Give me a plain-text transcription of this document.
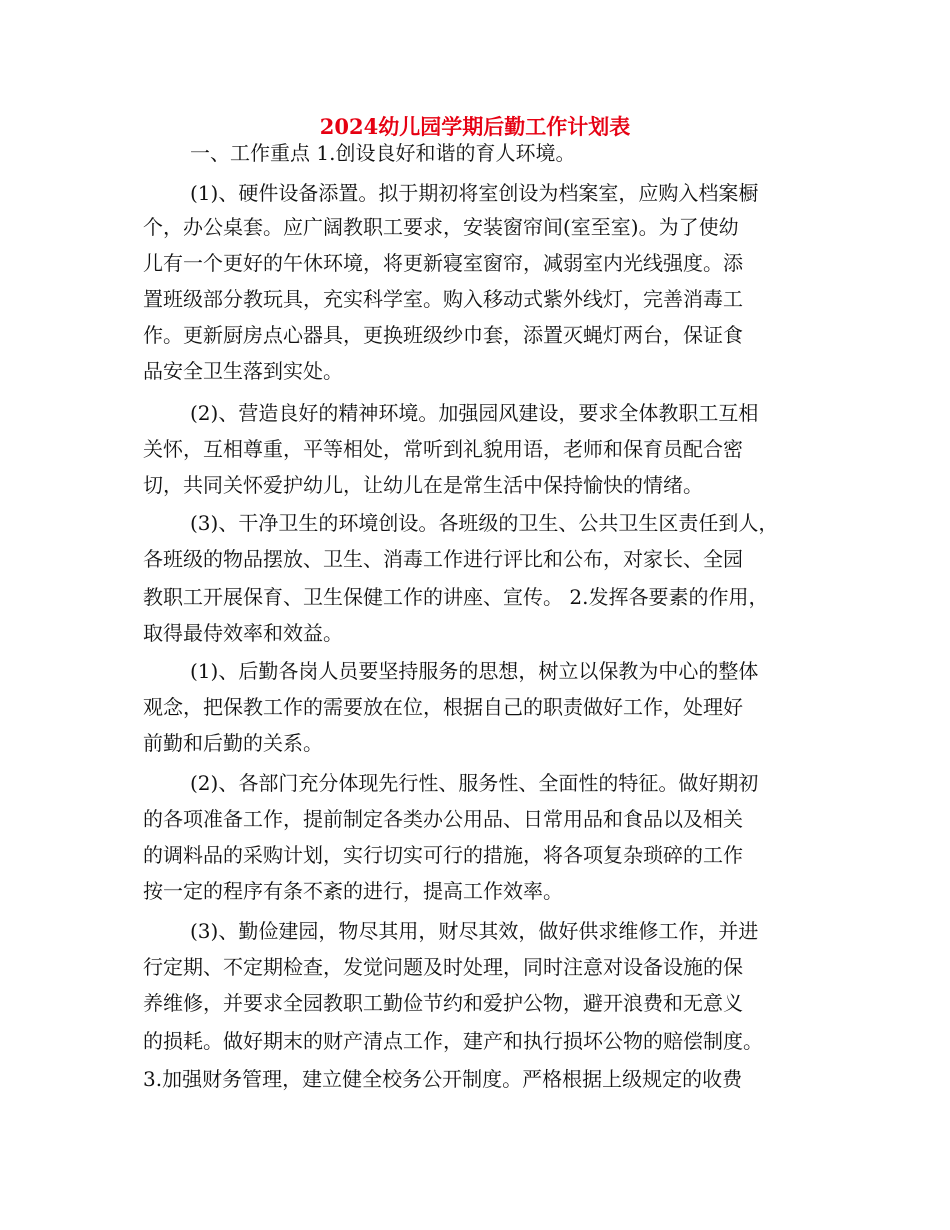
2024幼儿园学期后勤工作计划表
一、工作重点 1.创设良好和谐的育人环境。
(1)、硬件设备添置。拟于期初将室创设为档案室，应购入档案橱
个，办公桌套。应广阔教职工要求，安装窗帘间(室至室)。为了使幼
儿有一个更好的午休环境，将更新寝室窗帘，减弱室内光线强度。添
置班级部分教玩具，充实科学室。购入移动式紫外线灯，完善消毒工
作。更新厨房点心器具，更换班级纱巾套，添置灭蝇灯两台，保证食
品安全卫生落到实处。
(2)、营造良好的精神环境。加强园风建设，要求全体教职工互相
关怀，互相尊重，平等相处，常听到礼貌用语，老师和保育员配合密
切，共同关怀爱护幼儿，让幼儿在是常生活中保持愉快的情绪。
(3)、干净卫生的环境创设。各班级的卫生、公共卫生区责任到人，
各班级的物品摆放、卫生、消毒工作进行评比和公布，对家长、全园
教职工开展保育、卫生保健工作的讲座、宣传。 2.发挥各要素的作用，
取得最侍效率和效益。
(1)、后勤各岗人员要坚持服务的思想，树立以保教为中心的整体
观念，把保教工作的需要放在位，根据自己的职责做好工作，处理好
前勤和后勤的关系。
(2)、各部门充分体现先行性、服务性、全面性的特征。做好期初
的各项准备工作，提前制定各类办公用品、日常用品和食品以及相关
的调料品的采购计划，实行切实可行的措施，将各项复杂琐碎的工作
按一定的程序有条不紊的进行，提高工作效率。
(3)、勤俭建园，物尽其用，财尽其效，做好供求维修工作，并进
行定期、不定期检查，发觉问题及时处理，同时注意对设备设施的保
养维修，并要求全园教职工勤俭节约和爱护公物，避开浪费和无意义
的损耗。做好期末的财产清点工作，建产和执行损坏公物的赔偿制度。
3.加强财务管理，建立健全校务公开制度。严格根据上级规定的收费
